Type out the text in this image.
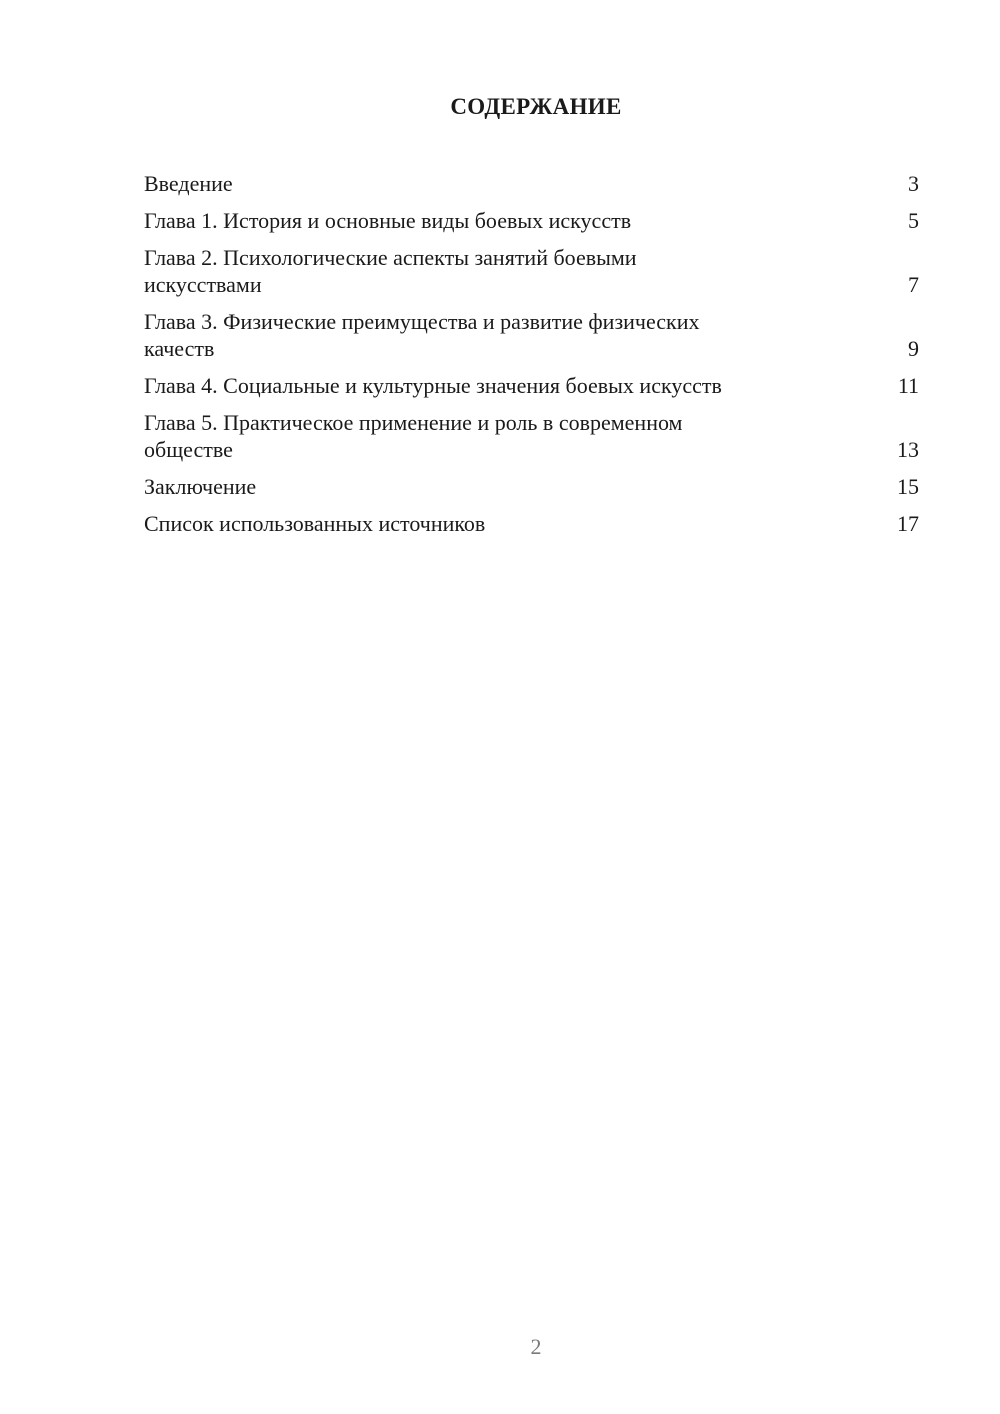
СОДЕРЖАНИЕ
Введение	3
Глава 1. История и основные виды боевых искусств	5
Глава 2. Психологические аспекты занятий боевыми искусствами	7
Глава 3. Физические преимущества и развитие физических качеств	9
Глава 4. Социальные и культурные значения боевых искусств	11
Глава 5. Практическое применение и роль в современном обществе	13
Заключение	15
Список использованных источников	17
2
